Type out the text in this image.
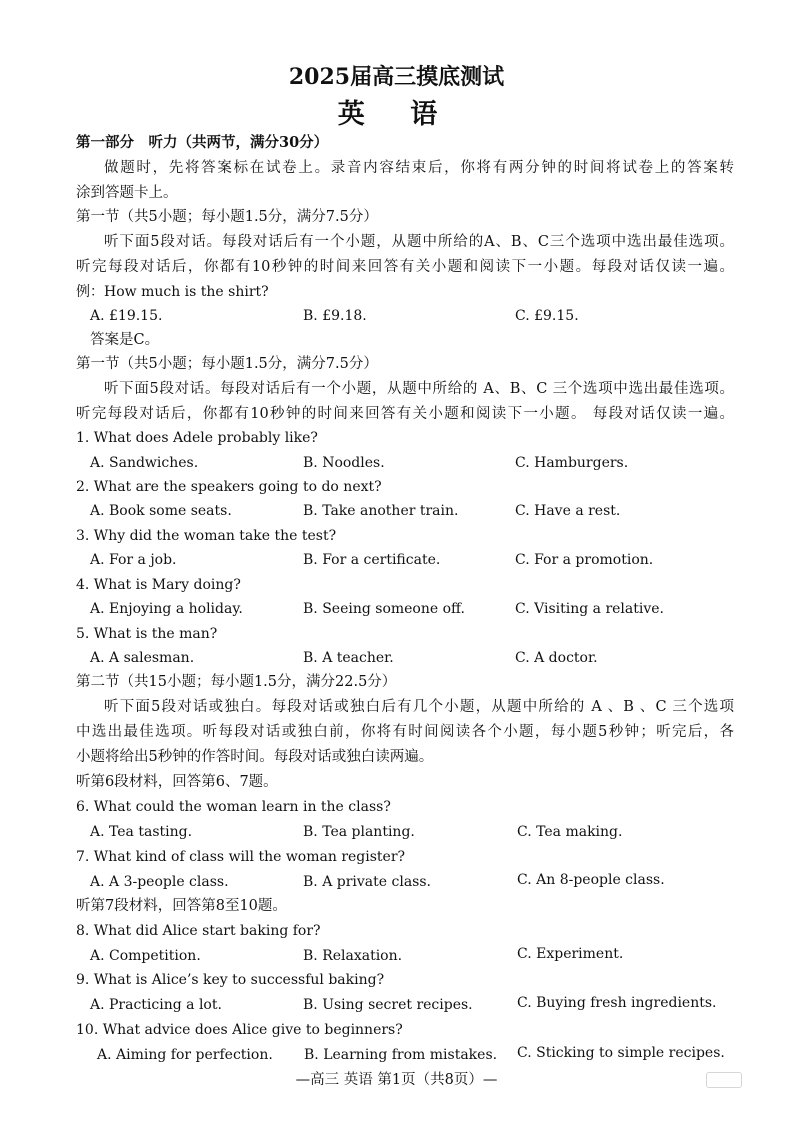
2025届高三摸底测试
英 语
第一部分　听力（共两节，满分30分）
做题时，先将答案标在试卷上。录音内容结束后，你将有两分钟的时间将试卷上的答案转
涂到答题卡上。
第一节（共5小题；每小题1.5分，满分7.5分）
听下面5段对话。每段对话后有一个小题，从题中所给的A、B、C三个选项中选出最佳选项。
听完每段对话后，你都有10秒钟的时间来回答有关小题和阅读下一小题。每段对话仅读一遍。
例：How much is the shirt?
A. £19.15.	B. £9.18.	C. £9.15.
答案是C。
第一节（共5小题；每小题1.5分，满分7.5分）
听下面5段对话。每段对话后有一个小题，从题中所给的 A、B、C 三个选项中选出最佳选项。
听完每段对话后，你都有10秒钟的时间来回答有关小题和阅读下一小题。 每段对话仅读一遍。
1. What does Adele probably like?
A. Sandwiches.	B. Noodles.	C. Hamburgers.
2. What are the speakers going to do next?
A. Book some seats.	B. Take another train.	C. Have a rest.
3. Why did the woman take the test?
A. For a job.	B. For a certificate.	C. For a promotion.
4. What is Mary doing?
A. Enjoying a holiday.	B. Seeing someone off.	C. Visiting a relative.
5. What is the man?
A. A salesman.	B. A teacher.	C. A doctor.
第二节（共15小题；每小题1.5分，满分22.5分）
听下面5段对话或独白。每段对话或独白后有几个小题，从题中所给的 A 、B 、C 三个选项
中选出最佳选项。听每段对话或独白前，你将有时间阅读各个小题，每小题5秒钟；听完后，各
小题将给出5秒钟的作答时间。每段对话或独白读两遍。
听第6段材料，回答第6、7题。
6. What could the woman learn in the class?
A. Tea tasting.	B. Tea planting.	C. Tea making.
7. What kind of class will the woman register?
A. A 3-people class.	B. A private class.	C. An 8-people class.
听第7段材料，回答第8至10题。
8. What did Alice start baking for?
A. Competition.	B. Relaxation.	C. Experiment.
9. What is Alice’s key to successful baking?
A. Practicing a lot.	B. Using secret recipes.	C. Buying fresh ingredients.
10. What advice does Alice give to beginners?
A. Aiming for perfection. B. Learning from mistakes. C. Sticking to simple recipes.
—高三 英语 第1页（共8页）—
